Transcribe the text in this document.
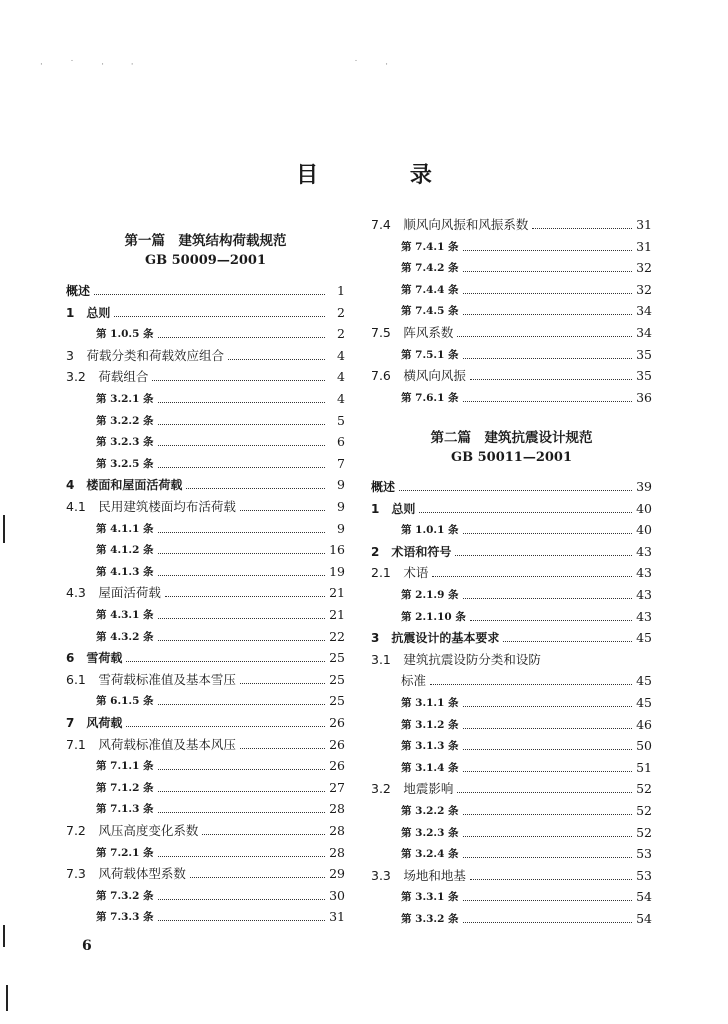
· ˙ · ·              ˙ ·
目 录
第一篇　建筑结构荷载规范
GB 50009—2001
概述	1
1　总则	2
第 1.0.5 条	2
3　荷载分类和荷载效应组合	4
3.2　荷载组合	4
第 3.2.1 条	4
第 3.2.2 条	5
第 3.2.3 条	6
第 3.2.5 条	7
4　楼面和屋面活荷载	9
4.1　民用建筑楼面均布活荷载	9
第 4.1.1 条	9
第 4.1.2 条	16
第 4.1.3 条	19
4.3　屋面活荷载	21
第 4.3.1 条	21
第 4.3.2 条	22
6　雪荷载	25
6.1　雪荷载标准值及基本雪压	25
第 6.1.5 条	25
7　风荷载	26
7.1　风荷载标准值及基本风压	26
第 7.1.1 条	26
第 7.1.2 条	27
第 7.1.3 条	28
7.2　风压高度变化系数	28
第 7.2.1 条	28
7.3　风荷载体型系数	29
第 7.3.2 条	30
第 7.3.3 条	31
第二篇　建筑抗震设计规范
GB 50011—2001
7.4　顺风向风振和风振系数	31
第 7.4.1 条	31
第 7.4.2 条	32
第 7.4.4 条	32
第 7.4.5 条	34
7.5　阵风系数	34
第 7.5.1 条	35
7.6　横风向风振	35
第 7.6.1 条	36
概述	39
1　总则	40
第 1.0.1 条	40
2　术语和符号	43
2.1　术语	43
第 2.1.9 条	43
第 2.1.10 条	43
3　抗震设计的基本要求	45
3.1　建筑抗震设防分类和设防
标准	45
第 3.1.1 条	45
第 3.1.2 条	46
第 3.1.3 条	50
第 3.1.4 条	51
3.2　地震影响	52
第 3.2.2 条	52
第 3.2.3 条	52
第 3.2.4 条	53
3.3　场地和地基	53
第 3.3.1 条	54
第 3.3.2 条	54
6
